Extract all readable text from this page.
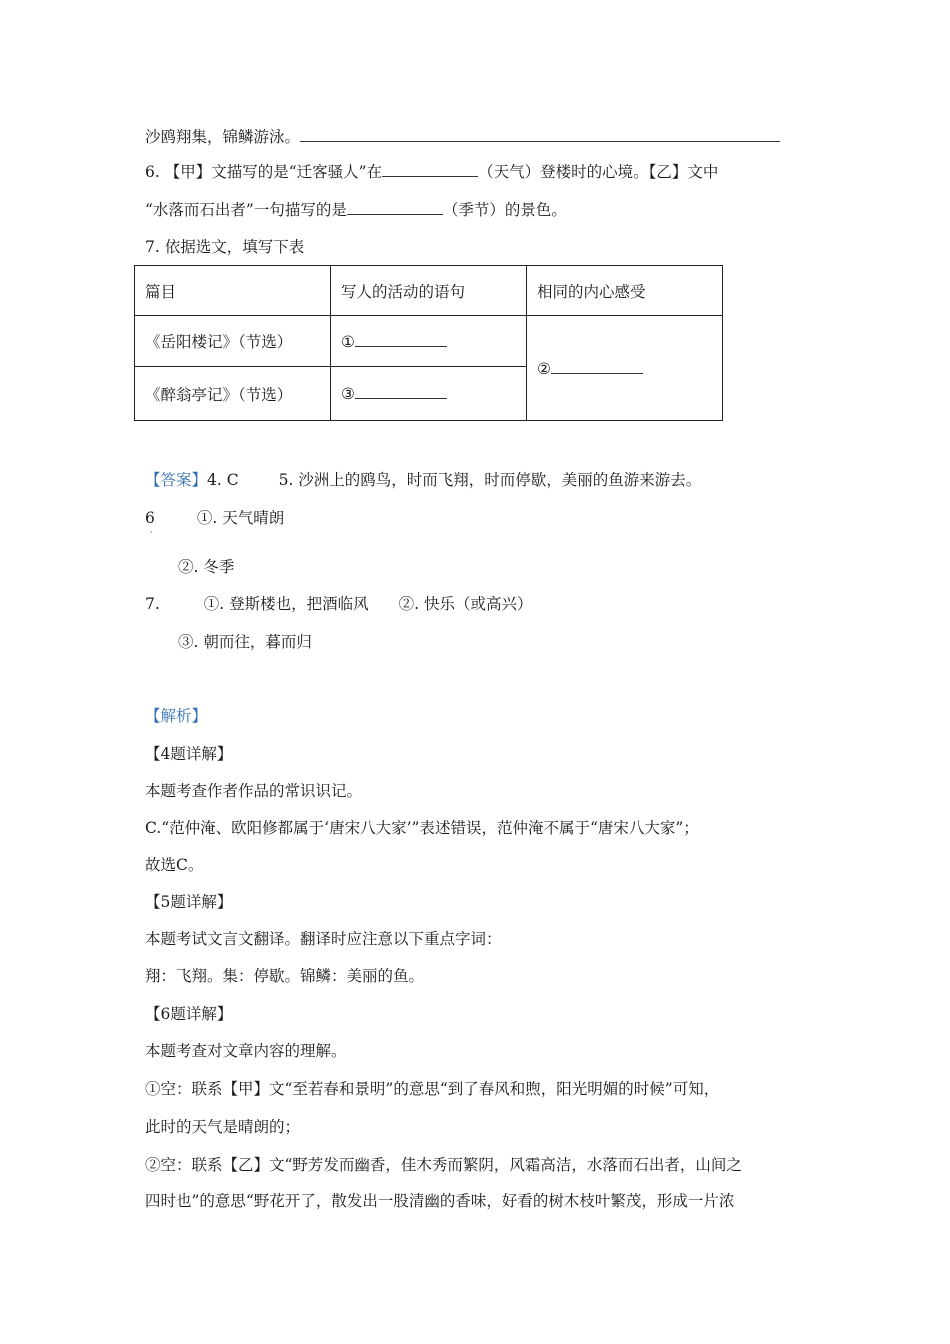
沙鸥翔集，锦鳞游泳。
6. 【甲】文描写的是“迁客骚人”在	（天气）登楼时的心境。【乙】文中
“水落而石出者”一句描写的是	（季节）的景色。
7. 依据选文，填写下表
篇目	写人的活动的语句	相同的内心感受
《岳阳楼记》（节选）	①	②
《醉翁亭记》（节选）	③	
【答案】4. C	5. 沙洲上的鸥鸟，时而飞翔，时而停歇，美丽的鱼游来游去。
6	①. 天气晴朗
·
②. 冬季
7.	①. 登斯楼也，把酒临风 ②. 快乐（或高兴）
③. 朝而往，暮而归
【解析】
【4题详解】
本题考查作者作品的常识识记。
C.“范仲淹、欧阳修都属于‘唐宋八大家’”表述错误，范仲淹不属于“唐宋八大家”；
故选C。
【5题详解】
本题考试文言文翻译。翻译时应注意以下重点字词：
翔：飞翔。集：停歇。锦鳞：美丽的鱼。
【6题详解】
本题考查对文章内容的理解。
①空：联系【甲】文“至若春和景明”的意思“到了春风和煦，阳光明媚的时候”可知，
此时的天气是晴朗的；
②空：联系【乙】文“野芳发而幽香，佳木秀而繁阴，风霜高洁，水落而石出者，山间之
四时也”的意思“野花开了，散发出一股清幽的香味，好看的树木枝叶繁茂，形成一片浓
